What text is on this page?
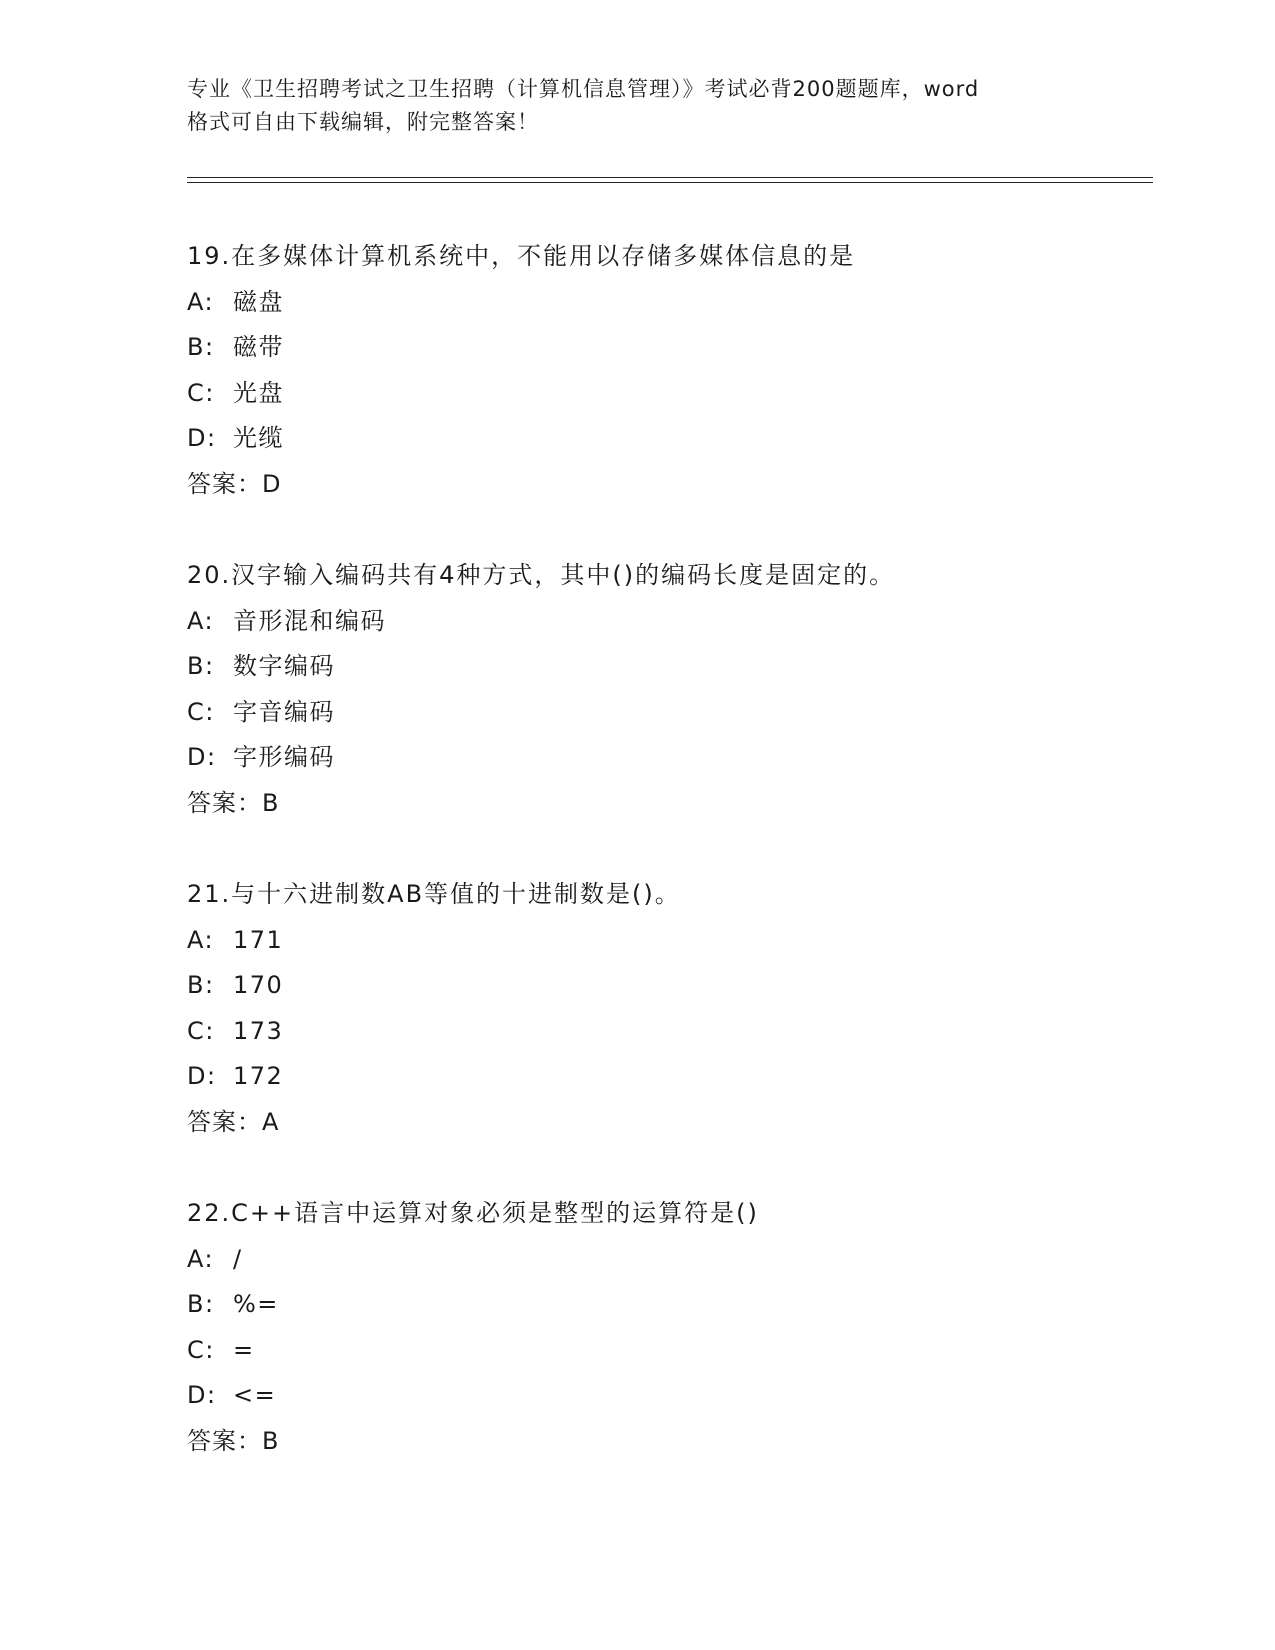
专业《卫生招聘考试之卫生招聘（计算机信息管理）》考试必背200题题库，word
格式可自由下载编辑，附完整答案！
19.在多媒体计算机系统中，不能用以存储多媒体信息的是
A: 磁盘
B: 磁带
C: 光盘
D: 光缆
答案：D
20.汉字输入编码共有4种方式，其中()的编码长度是固定的。
A: 音形混和编码
B: 数字编码
C: 字音编码
D: 字形编码
答案：B
21.与十六进制数AB等值的十进制数是()。
A: 171
B: 170
C: 173
D: 172
答案：A
22.C++语言中运算对象必须是整型的运算符是()
A: /
B: %=
C: =
D: <=
答案：B
